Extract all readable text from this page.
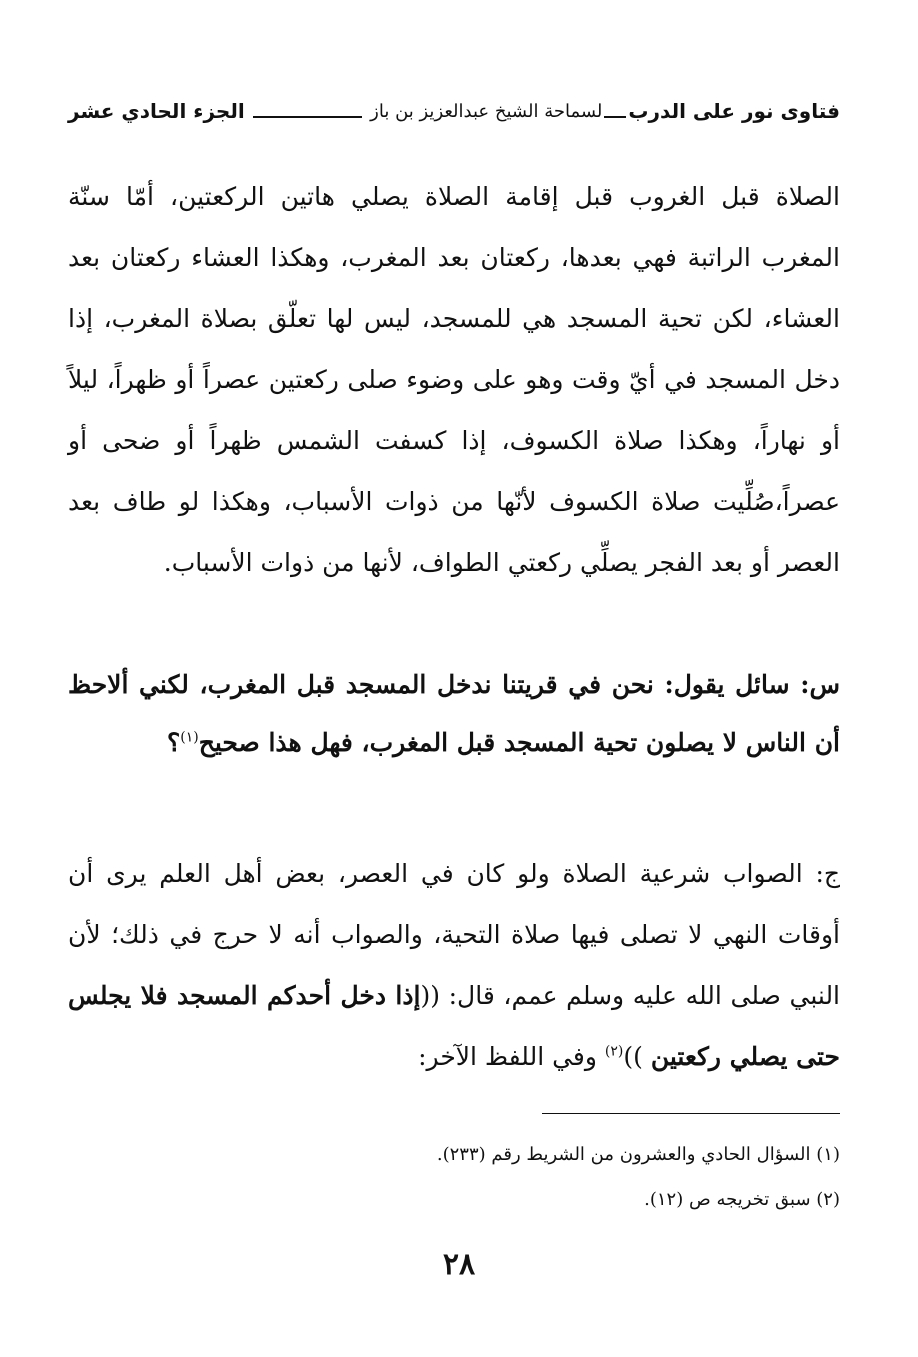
فتاوى نور على الدرب
لسماحة الشيخ عبدالعزيز بن باز
الجزء الحادي عشر
الصلاة قبل الغروب قبل إقامة الصلاة يصلي هاتين الركعتين، أمّا سنّة المغرب الراتبة فهي بعدها، ركعتان بعد المغرب، وهكذا العشاء ركعتان بعد العشاء، لكن تحية المسجد هي للمسجد، ليس لها تعلّق بصلاة المغرب، إذا دخل المسجد في أيّ وقت وهو على وضوء صلى ركعتين عصراً أو ظهراً، ليلاً أو نهاراً، وهكذا صلاة الكسوف، إذا كسفت الشمس ظهراً أو ضحى أو عصراً،صُلِّيت صلاة الكسوف لأنّها من ذوات الأسباب، وهكذا لو طاف بعد العصر أو بعد الفجر يصلِّي ركعتي الطواف، لأنها من ذوات الأسباب.
س: سائل يقول: نحن في قريتنا ندخل المسجد قبل المغرب، لكني ألاحظ أن الناس لا يصلون تحية المسجد قبل المغرب، فهل هذا صحيح$^{(١)}$؟
ج: الصواب شرعية الصلاة ولو كان في العصر، بعض أهل العلم يرى أن أوقات النهي لا تصلى فيها صلاة التحية، والصواب أنه لا حرج في ذلك؛ لأن النبي صلى الله عليه وسلم عمم، قال: ((إذا دخل أحدكم المسجد فلا يجلس حتى يصلي ركعتين ))$^{(٢)}$ وفي اللفظ الآخر:
(١) السؤال الحادي والعشرون من الشريط رقم (٢٣٣).
(٢) سبق تخريجه ص (١٢).
٢٨
